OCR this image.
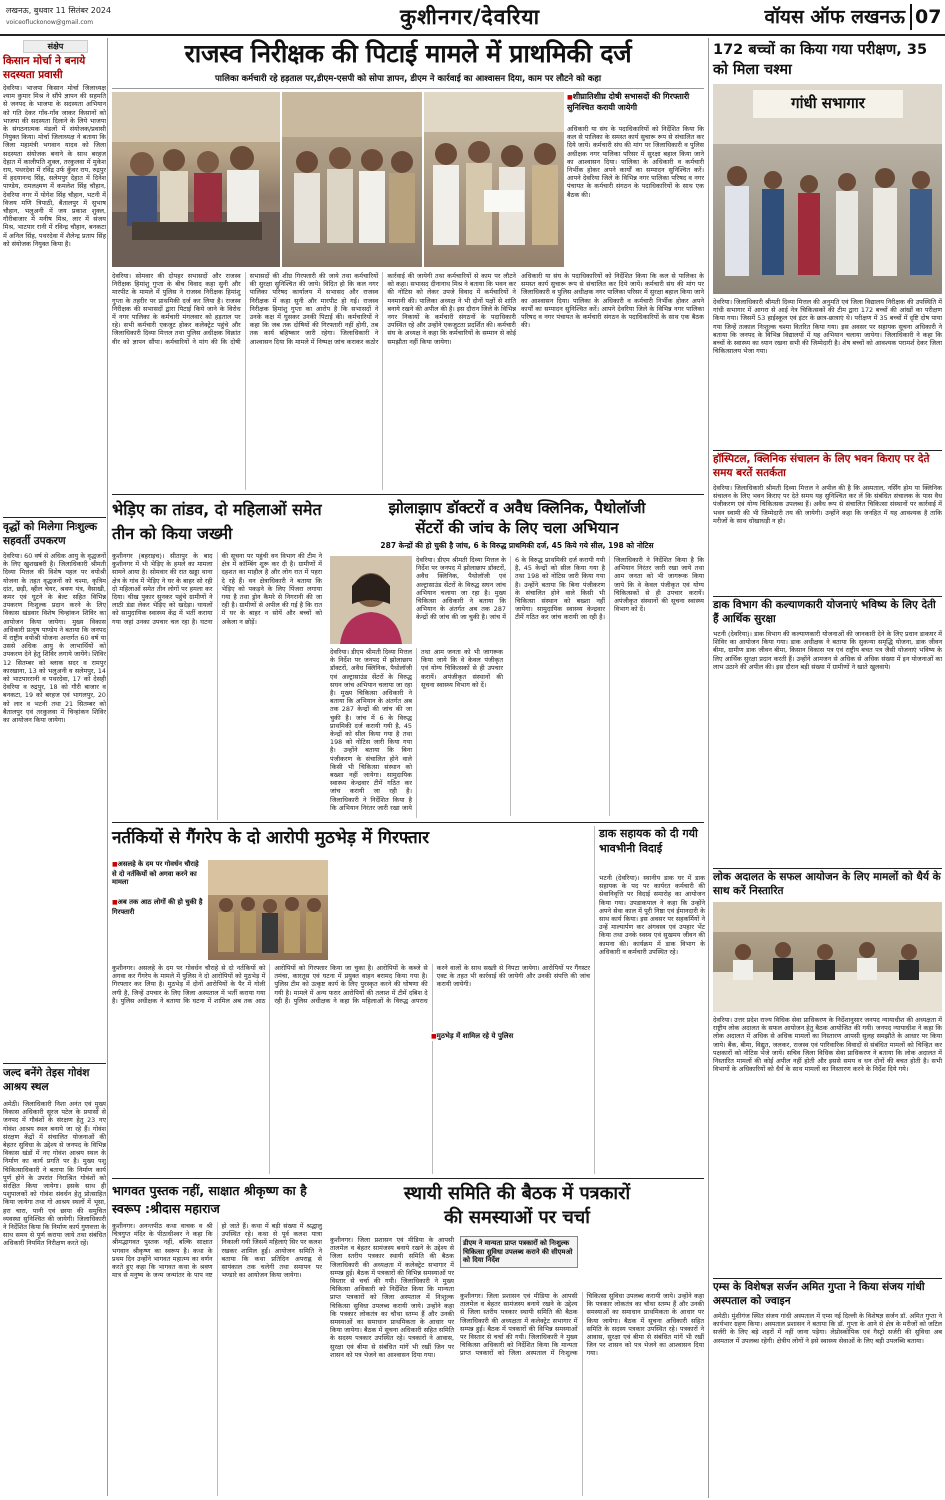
लखनऊ, बुधवार 11 सितंबर 2024
voiceofluckonow@gmail.com	कुशीनगर/देवरिया	वॉयस ऑफ लखनऊ 07
संक्षेप
किसान मोर्चा ने बनाये सदस्यता प्रवासी
देवरिया। भाजपा किसान मोर्चा जिलाध्यक्ष श्याम कुमार मिश्र ने सौंपे ज्ञापन की सहमति से जनपद के भाजपा के सदस्यता अभियान को गति देकर गाँव-गाँव जाकर किसानों को भाजपा की सदस्यता दिलाने के लिये भाजपा के संगठनात्मक मंडलों में संयोजक/प्रवासी नियुक्त किया। मोर्चा जिलाध्यक्ष ने बताया कि जिला महामंत्री भगवान यादव को जिला सदस्यता संयोजक बनाने के साथ बरहज देहात में कालीपति शुक्ल, तरकुलवा में मुकेश राय, पथरदेवा में रविंद्र उर्फ कुँवर राय, रुद्रपुर में हदयानन्द सिंह, सलेमपुर देहात में दिनेश पाण्डेय, रामलक्ष्मण में कमलेश सिंह चौहान, देवरिया नगर में योगेश सिंह चौहान, भटनी में विजय मणि त्रिपाठी, बैतालपुर में सुभाष चौहान, भलुअनी में जय प्रकाश शुक्ल, गौरीबाजार में मनीष मिश्र, लार में संजय मिश्र, भाटपार रानी में रविन्द्र चौहान, बनकटा में अनिल सिंह, पथरदेवा में शैलेन्द्र प्रताप सिंह को संयोजक नियुक्त किया है।
वृद्धों को मिलेगा निःशुल्क सहवर्ती उपकरण
देवरिया। 60 वर्ष से अधिक आयु के वृद्धजनों के लिए खुशखबरी है। जिलाधिकारी श्रीमती दिव्या मित्तल की विशेष पहल पर वयोश्री योजना के तहत वृद्धजनों को चश्मा, कृत्रिम दांत, छड़ी, व्हील चेयर, श्रवण यंत्र, वैसाखी, कमर एवं घुटने के बेल्ट सहित विभिन्न उपकरण निःशुल्क प्रदान करने के लिए विकास खंडवार विशेष चिन्हांकन शिविर का आयोजन किया जायेगा। मुख्य विकास अधिकारी प्रत्यूष पाण्डेय ने बताया कि जनपद में राष्ट्रीय वयोश्री योजना अन्तर्गत 60 वर्ष या उससे अधिक आयु के लाभार्थियों को उपकरण देने हेतु शिविर लगाये जायेंगे। शिविर 12 सितम्बर को ब्लाक सदर व रामपुर कारखाना, 13 को भलुअनी व सलेमपुर, 14 को भाटपाररानी व पथरदेवा, 17 को देसही देवरिया व रुद्रपुर, 18 को गौरी बाजार व बनकटा, 19 को बरहज एवं भागलपुर, 20 को लार व भटनी तथा 21 सितम्बर को बैतालपुर एवं तरकुलवा में चिन्हांकन शिविर का आयोजन किया जायेगा।
जल्द बनेंगे तेइस गोवंश आश्रय स्थल
अमेठी। जिलाधिकारी निशा अनंत एवं मुख्य विकास अधिकारी सूरज पटेल के प्रयासों से जनपद में गौवंशों के संरक्षण हेतु 23 नए गोवंश आश्रय स्थल बनाये जा रहे हैं। गोवंश संरक्षण केंद्रों में संचालित योजनाओं की बेहतर सुविधा के उद्देश्य से जनपद के विभिन्न विकास खंडों में नए गोवंश आश्रय स्थल के निर्माण का कार्य प्रगति पर है। मुख्य पशु चिकित्साधिकारी ने बताया कि निर्माण कार्य पूर्ण होने के उपरांत निराश्रित गोवंशों को संरक्षित किया जायेगा। इसके साथ ही पशुपालकों को गोवंश संवर्धन हेतु प्रोत्साहित किया जायेगा तथा गो आश्रय स्थलों में भूसा, हरा चारा, पानी एवं छाया की समुचित व्यवस्था सुनिश्चित की जायेगी। जिलाधिकारी ने निर्देशित किया कि निर्माण कार्य गुणवत्ता के साथ समय से पूर्ण कराया जाये तथा संबंधित अधिकारी नियमित निरीक्षण करते रहें।
राजस्व निरीक्षक की पिटाई मामले में प्राथमिकी दर्ज
पालिका कर्मचारी रहे हड़ताल पर,डीएम-एसपी को सोपा ज्ञापन, डीएम ने कार्रवाई का आश्वासन दिया, काम पर लौटने को कहा
■ शीघ्रातिशीघ्र दोषी सभासदों की गिरफ्तारी सुनिश्चित करायी जायेगी
अधिकारी या संघ के पदाधिकारियों को निर्देशित किया कि कल से पालिका के समस्त कार्य सुचारू रूप से संचालित कर दिये जायें। कर्मचारी संघ की मांग पर जिलाधिकारी व पुलिस अधीक्षक नगर पालिका परिसर में सुरक्षा बहाल किया जाने का आश्वासन दिया। पालिका के अधिकारी व कर्मचारी निर्भीक होकर अपने कार्यों का सम्पादन सुनिश्चित करें। आपने देवरिया जिले के विभिन्न नगर पालिका परिषद व नगर पंचायत के कर्मचारी संगठन के पदाधिकारियों के साथ एक बैठक की।
देवरिया। सोमवार की दोपहर सभासदों और राजस्व निरीक्षक हिमांशु गुप्ता के बीच विवाद कहा सुनी और मारपीट के मामले में पुलिस ने राजस्व निरीक्षक हिमांशु गुप्ता के तहरीर पर प्राथमिकी दर्ज कर लिया है। राजस्व निरीक्षक की सभासदों द्वारा पिटाई किये जाने के विरोध में नगर पालिका के कर्मचारी मंगलवार को हड़ताल पर रहे। सभी कर्मचारी एकजुट होकर कलेक्ट्रेट पहुंचे और जिलाधिकारी दिव्या मित्तल तथा पुलिस अधीक्षक विक्रांत वीर को ज्ञापन सौंपा। कर्मचारियों ने मांग की कि दोषी सभासदों की शीघ्र गिरफ्तारी की जाये तथा कर्मचारियों की सुरक्षा सुनिश्चित की जाये। विदित हो कि कल नगर पालिका परिषद कार्यालय में सभासद और राजस्व निरीक्षक में कहा सुनी और मारपीट हो गई। राजस्व निरीक्षक हिमांशु गुप्ता का आरोप है कि सभासदों ने उनके कक्ष में घुसकर उनकी पिटाई की। कर्मचारियों ने कहा कि जब तक दोषियों की गिरफ्तारी नहीं होगी, तब तक कार्य बहिष्कार जारी रहेगा। जिलाधिकारी ने आश्वासन दिया कि मामले में निष्पक्ष जांच कराकर कठोर कार्रवाई की जायेगी तथा कर्मचारियों से काम पर लौटने को कहा। सभासद दीनानाथ मिश्र ने बताया कि भवन कर की नोटिस को लेकर उपजे विवाद में कर्मचारियों ने मनमानी की। पालिका अध्यक्ष ने भी दोनों पक्षों से शांति बनाये रखने की अपील की है। इस दौरान जिले के विभिन्न नगर निकायों के कर्मचारी संगठनों के पदाधिकारी उपस्थित रहे और उन्होंने एकजुटता प्रदर्शित की। कर्मचारी संघ के अध्यक्ष ने कहा कि कर्मचारियों के सम्मान से कोई समझौता नहीं किया जायेगा।
अधिकारी या संघ के पदाधिकारियों को निर्देशित किया कि कल से पालिका के समस्त कार्य सुचारू रूप से संचालित कर दिये जायें। कर्मचारी संघ की मांग पर जिलाधिकारी व पुलिस अधीक्षक नगर पालिका परिसर में सुरक्षा बहाल किया जाने का आश्वासन दिया। पालिका के अधिकारी व कर्मचारी निर्भीक होकर अपने कार्यों का सम्पादन सुनिश्चित करें। आपने देवरिया जिले के विभिन्न नगर पालिका परिषद व नगर पंचायत के कर्मचारी संगठन के पदाधिकारियों के साथ एक बैठक की।
भेड़िए का तांडव, दो महिलाओं समेत तीन को किया जख्मी
कुशीनगर (बहराइच)। सीतापुर के बाद कुशीनगर में भी भेड़िए के हमले का मामला सामने आया है। सोमवार की रात खड्डा थाना क्षेत्र के गांव में भेड़िए ने घर के बाहर सो रही दो महिलाओं समेत तीन लोगों पर हमला कर दिया। चीख पुकार सुनकर पहुंचे ग्रामीणों ने लाठी डंडा लेकर भेड़िए को खदेड़ा। घायलों को सामुदायिक स्वास्थ्य केंद्र में भर्ती कराया गया जहां उनका उपचार चल रहा है। घटना की सूचना पर पहुंची वन विभाग की टीम ने क्षेत्र में कॉम्बिंग शुरू कर दी है। ग्रामीणों में दहशत का माहौल है और लोग रात में पहरा दे रहे हैं। वन क्षेत्राधिकारी ने बताया कि भेड़िए को पकड़ने के लिए पिंजरा लगाया गया है तथा ड्रोन कैमरे से निगरानी की जा रही है। ग्रामीणों से अपील की गई है कि रात में घर के बाहर न सोयें और बच्चों को अकेला न छोड़ें।
झोलाझाप डॉक्टरों व अवैध क्लिनिक, पैथोलॉजी
सेंटरों की जांच के लिए चला अभियान
287 केन्द्रों की हो चुकी है जांच, 6 के विरुद्ध प्राथमिकी दर्ज, 45 किये गये सील, 198 को नोटिस
देवरिया। डीएम श्रीमती दिव्या मित्तल के निर्देश पर जनपद में झोलाछाप डॉक्टरों, अवैध क्लिनिक, पैथोलॉजी एवं अल्ट्रासाउंड सेंटरों के विरुद्ध सघन जांच अभियान चलाया जा रहा है। मुख्य चिकित्सा अधिकारी ने बताया कि अभियान के अंतर्गत अब तक 287 केन्द्रों की जांच की जा चुकी है। जांच में 6 के विरुद्ध प्राथमिकी दर्ज करायी गयी है, 45 केन्द्रों को सील किया गया है तथा 198 को नोटिस जारी किया गया है। उन्होंने बताया कि बिना पंजीकरण के संचालित होने वाले किसी भी चिकित्सा संस्थान को बख्शा नहीं जायेगा। सामुदायिक स्वास्थ्य केन्द्रवार टीमें गठित कर जांच करायी जा रही है। जिलाधिकारी ने निर्देशित किया है कि अभियान निरंतर जारी रखा जाये तथा आम जनता को भी जागरूक किया जाये कि वे केवल पंजीकृत एवं योग्य चिकित्सकों से ही उपचार करायें। अपंजीकृत संस्थानों की सूचना स्वास्थ्य विभाग को दें।
देवरिया। डीएम श्रीमती दिव्या मित्तल के निर्देश पर जनपद में झोलाछाप डॉक्टरों, अवैध क्लिनिक, पैथोलॉजी एवं अल्ट्रासाउंड सेंटरों के विरुद्ध सघन जांच अभियान चलाया जा रहा है। मुख्य चिकित्सा अधिकारी ने बताया कि अभियान के अंतर्गत अब तक 287 केन्द्रों की जांच की जा चुकी है। जांच में 6 के विरुद्ध प्राथमिकी दर्ज करायी गयी है, 45 केन्द्रों को सील किया गया है तथा 198 को नोटिस जारी किया गया है। उन्होंने बताया कि बिना पंजीकरण के संचालित होने वाले किसी भी चिकित्सा संस्थान को बख्शा नहीं जायेगा। सामुदायिक स्वास्थ्य केन्द्रवार टीमें गठित कर जांच करायी जा रही है। जिलाधिकारी ने निर्देशित किया है कि अभियान निरंतर जारी रखा जाये तथा आम जनता को भी जागरूक किया जाये कि वे केवल पंजीकृत एवं योग्य चिकित्सकों से ही उपचार करायें। अपंजीकृत संस्थानों की सूचना स्वास्थ्य विभाग को दें।
नर्तकियों से गैंगरेप के दो आरोपी मुठभेड़ में गिरफ्तार
■ असलहे के दम पर गोवर्धन चौराहे से दो नर्तकियों को अगवा करने का मामला
■ अब तक आठ लोगों की हो चुकी है गिरफ्तारी
कुशीनगर। असलहे के दम पर गोवर्धन चौराहे से दो नर्तकियों को अगवा कर गैंगरेप के मामले में पुलिस ने दो आरोपियों को मुठभेड़ में गिरफ्तार कर लिया है। मुठभेड़ में दोनों आरोपियों के पैर में गोली लगी है, जिन्हें उपचार के लिए जिला अस्पताल में भर्ती कराया गया है। पुलिस अधीक्षक ने बताया कि घटना में शामिल अब तक आठ आरोपियों को गिरफ्तार किया जा चुका है। आरोपियों के कब्जे से तमंचा, कारतूस एवं घटना में प्रयुक्त वाहन बरामद किया गया है। पुलिस टीम को उत्कृष्ट कार्य के लिए पुरस्कृत करने की घोषणा की गयी है। मामले में अन्य फरार आरोपियों की तलाश में टीमें दबिश दे रही हैं। पुलिस अधीक्षक ने कहा कि महिलाओं के विरुद्ध अपराध करने वालों के साथ सख्ती से निपटा जायेगा। आरोपियों पर गैंगस्टर एक्ट के तहत भी कार्रवाई की जायेगी और उनकी संपत्ति की जांच करायी जायेगी।
■ मुठभेड़ में शामिल रहे ये पुलिस
डाक सहायक को दी गयी भावभीनी विदाई
भटनी (देवरिया)। स्थानीय डाक घर में डाक सहायक के पद पर कार्यरत कर्मचारी की सेवानिवृत्ति पर विदाई समारोह का आयोजन किया गया। उपडाकपाल ने कहा कि उन्होंने अपने सेवा काल में पूरी निष्ठा एवं ईमानदारी के साथ कार्य किया। इस अवसर पर सहकर्मियों ने उन्हें माल्यार्पण कर अंगवस्त्र एवं उपहार भेंट किया तथा उनके स्वस्थ एवं सुखमय जीवन की कामना की। कार्यक्रम में डाक विभाग के अधिकारी व कर्मचारी उपस्थित रहे।
भागवत पुस्तक नहीं, साक्षात श्रीकृष्ण का है स्वरूप :श्रीदास महाराज
कुशीनगर। अनन्तपीठ कथा वाचक व श्री चित्रगुप्त मंदिर के पीठाधीश्वर ने कहा कि श्रीमद्भागवत पुस्तक नहीं, बल्कि साक्षात भगवान श्रीकृष्ण का स्वरूप है। कथा के प्रथम दिन उन्होंने भागवत महात्म्य का वर्णन करते हुए कहा कि भागवत कथा के श्रवण मात्र से मनुष्य के जन्म जन्मांतर के पाप नष्ट हो जाते हैं। कथा में बड़ी संख्या में श्रद्धालु उपस्थित रहे। कथा से पूर्व कलश यात्रा निकाली गयी जिसमें महिलाएं सिर पर कलश रखकर शामिल हुईं। आयोजन समिति ने बताया कि कथा प्रतिदिन अपराह्न से सायंकाल तक चलेगी तथा समापन पर भण्डारे का आयोजन किया जायेगा।
स्थायी समिति की बैठक में पत्रकारों
की समस्याओं पर चर्चा
डीएम ने मान्यता प्राप्त पत्रकारों को निःशुल्क चिकित्सा सुविधा उपलब्ध कराने की सीएमओ को दिया निर्देश
कुशीनगर। जिला प्रशासन एवं मीडिया के आपसी तालमेल व बेहतर सामंजस्य बनाये रखने के उद्देश्य से जिला स्तरीय पत्रकार स्थायी समिति की बैठक जिलाधिकारी की अध्यक्षता में कलेक्ट्रेट सभागार में सम्पन्न हुई। बैठक में पत्रकारों की विभिन्न समस्याओं पर विस्तार से चर्चा की गयी। जिलाधिकारी ने मुख्य चिकित्सा अधिकारी को निर्देशित किया कि मान्यता प्राप्त पत्रकारों को जिला अस्पताल में निःशुल्क चिकित्सा सुविधा उपलब्ध करायी जाये। उन्होंने कहा कि पत्रकार लोकतंत्र का चौथा स्तम्भ हैं और उनकी समस्याओं का समाधान प्राथमिकता के आधार पर किया जायेगा। बैठक में सूचना अधिकारी सहित समिति के सदस्य पत्रकार उपस्थित रहे। पत्रकारों ने आवास, सुरक्षा एवं बीमा से संबंधित मांगें भी रखीं जिन पर शासन को पत्र भेजने का आश्वासन दिया गया।
कुशीनगर। जिला प्रशासन एवं मीडिया के आपसी तालमेल व बेहतर सामंजस्य बनाये रखने के उद्देश्य से जिला स्तरीय पत्रकार स्थायी समिति की बैठक जिलाधिकारी की अध्यक्षता में कलेक्ट्रेट सभागार में सम्पन्न हुई। बैठक में पत्रकारों की विभिन्न समस्याओं पर विस्तार से चर्चा की गयी। जिलाधिकारी ने मुख्य चिकित्सा अधिकारी को निर्देशित किया कि मान्यता प्राप्त पत्रकारों को जिला अस्पताल में निःशुल्क चिकित्सा सुविधा उपलब्ध करायी जाये। उन्होंने कहा कि पत्रकार लोकतंत्र का चौथा स्तम्भ हैं और उनकी समस्याओं का समाधान प्राथमिकता के आधार पर किया जायेगा। बैठक में सूचना अधिकारी सहित समिति के सदस्य पत्रकार उपस्थित रहे। पत्रकारों ने आवास, सुरक्षा एवं बीमा से संबंधित मांगें भी रखीं जिन पर शासन को पत्र भेजने का आश्वासन दिया गया।
172 बच्चों का किया गया परीक्षण, 35 को मिला चश्मा
गांधी सभागार
देवरिया। जिलाधिकारी श्रीमती दिव्या मित्तल की अनुमति एवं जिला विद्यालय निरीक्षक की उपस्थिति में गांधी सभागार में आगरा से आई नेत्र चिकित्सकों की टीम द्वारा 172 बच्चों की आंखों का परीक्षण किया गया। जिसमें 53 हाईस्कूल एवं इंटर के छात्र-छात्राएं थे। परीक्षण में 35 बच्चों में दृष्टि दोष पाया गया जिन्हें तत्काल निःशुल्क चश्मा वितरित किया गया। इस अवसर पर सहायक सूचना अधिकारी ने बताया कि जनपद के विभिन्न विद्यालयों में यह अभियान चलाया जायेगा। जिलाधिकारी ने कहा कि बच्चों के स्वास्थ्य का ध्यान रखना सभी की जिम्मेदारी है। शेष बच्चों को आवश्यक परामर्श देकर जिला चिकित्सालय भेजा गया।
हॉस्पिटल, क्लिनिक संचालन के लिए भवन किराए पर देते समय बरतें सतर्कता
देवरिया। जिलाधिकारी श्रीमती दिव्या मित्तल ने अपील की है कि अस्पताल, नर्सिंग होम या क्लिनिक संचालन के लिए भवन किराए पर देते समय यह सुनिश्चित कर लें कि संबंधित संचालक के पास वैध पंजीकरण एवं योग्य चिकित्सक उपलब्ध हैं। अवैध रूप से संचालित चिकित्सा संस्थानों पर कार्रवाई में भवन स्वामी की भी जिम्मेदारी तय की जायेगी। उन्होंने कहा कि जनहित में यह आवश्यक है ताकि मरीजों के साथ धोखाधड़ी न हो।
डाक विभाग की कल्याणकारी योजनाएं भविष्य के लिए देती हैं आर्थिक सुरक्षा
भटनी (देवरिया)। डाक विभाग की कल्याणकारी योजनाओं की जानकारी देने के लिए प्रधान डाकघर में शिविर का आयोजन किया गया। डाक अधीक्षक ने बताया कि सुकन्या समृद्धि योजना, डाक जीवन बीमा, ग्रामीण डाक जीवन बीमा, किसान विकास पत्र एवं राष्ट्रीय बचत पत्र जैसी योजनाएं भविष्य के लिए आर्थिक सुरक्षा प्रदान करती हैं। उन्होंने आमजन से अधिक से अधिक संख्या में इन योजनाओं का लाभ उठाने की अपील की। इस दौरान बड़ी संख्या में ग्रामीणों ने खाते खुलवाये।
लोक अदालत के सफल आयोजन के लिए मामलों को धैर्य के साथ करें निस्तारित
देवरिया। उत्तर प्रदेश राज्य विधिक सेवा प्राधिकरण के निर्देशानुसार जनपद न्यायाधीश की अध्यक्षता में राष्ट्रीय लोक अदालत के सफल आयोजन हेतु बैठक आयोजित की गयी। जनपद न्यायाधीश ने कहा कि लोक अदालत में अधिक से अधिक मामलों का निस्तारण आपसी सुलह समझौते के आधार पर किया जाये। बैंक, बीमा, विद्युत, जलकर, राजस्व एवं पारिवारिक विवादों से संबंधित मामलों को चिन्हित कर पक्षकारों को नोटिस भेजे जायें। सचिव जिला विधिक सेवा प्राधिकरण ने बताया कि लोक अदालत में निस्तारित मामलों की कोई अपील नहीं होती और इससे समय व धन दोनों की बचत होती है। सभी विभागों के अधिकारियों को धैर्य के साथ मामलों का निस्तारण करने के निर्देश दिये गये।
एम्स के विशेषज्ञ सर्जन अमित गुप्ता ने किया संजय गांधी अस्पताल को ज्वाइन
अमेठी। मुंशीगंज स्थित संजय गांधी अस्पताल में एम्स नई दिल्ली के विशेषज्ञ सर्जन डॉ. अमित गुप्ता ने कार्यभार ग्रहण किया। अस्पताल प्रशासन ने बताया कि डॉ. गुप्ता के आने से क्षेत्र के मरीजों को जटिल सर्जरी के लिए बड़े शहरों में नहीं जाना पड़ेगा। लेप्रोस्कोपिक एवं गैस्ट्रो सर्जरी की सुविधा अब अस्पताल में उपलब्ध रहेगी। क्षेत्रीय लोगों ने इसे स्वास्थ्य सेवाओं के लिए बड़ी उपलब्धि बताया।
